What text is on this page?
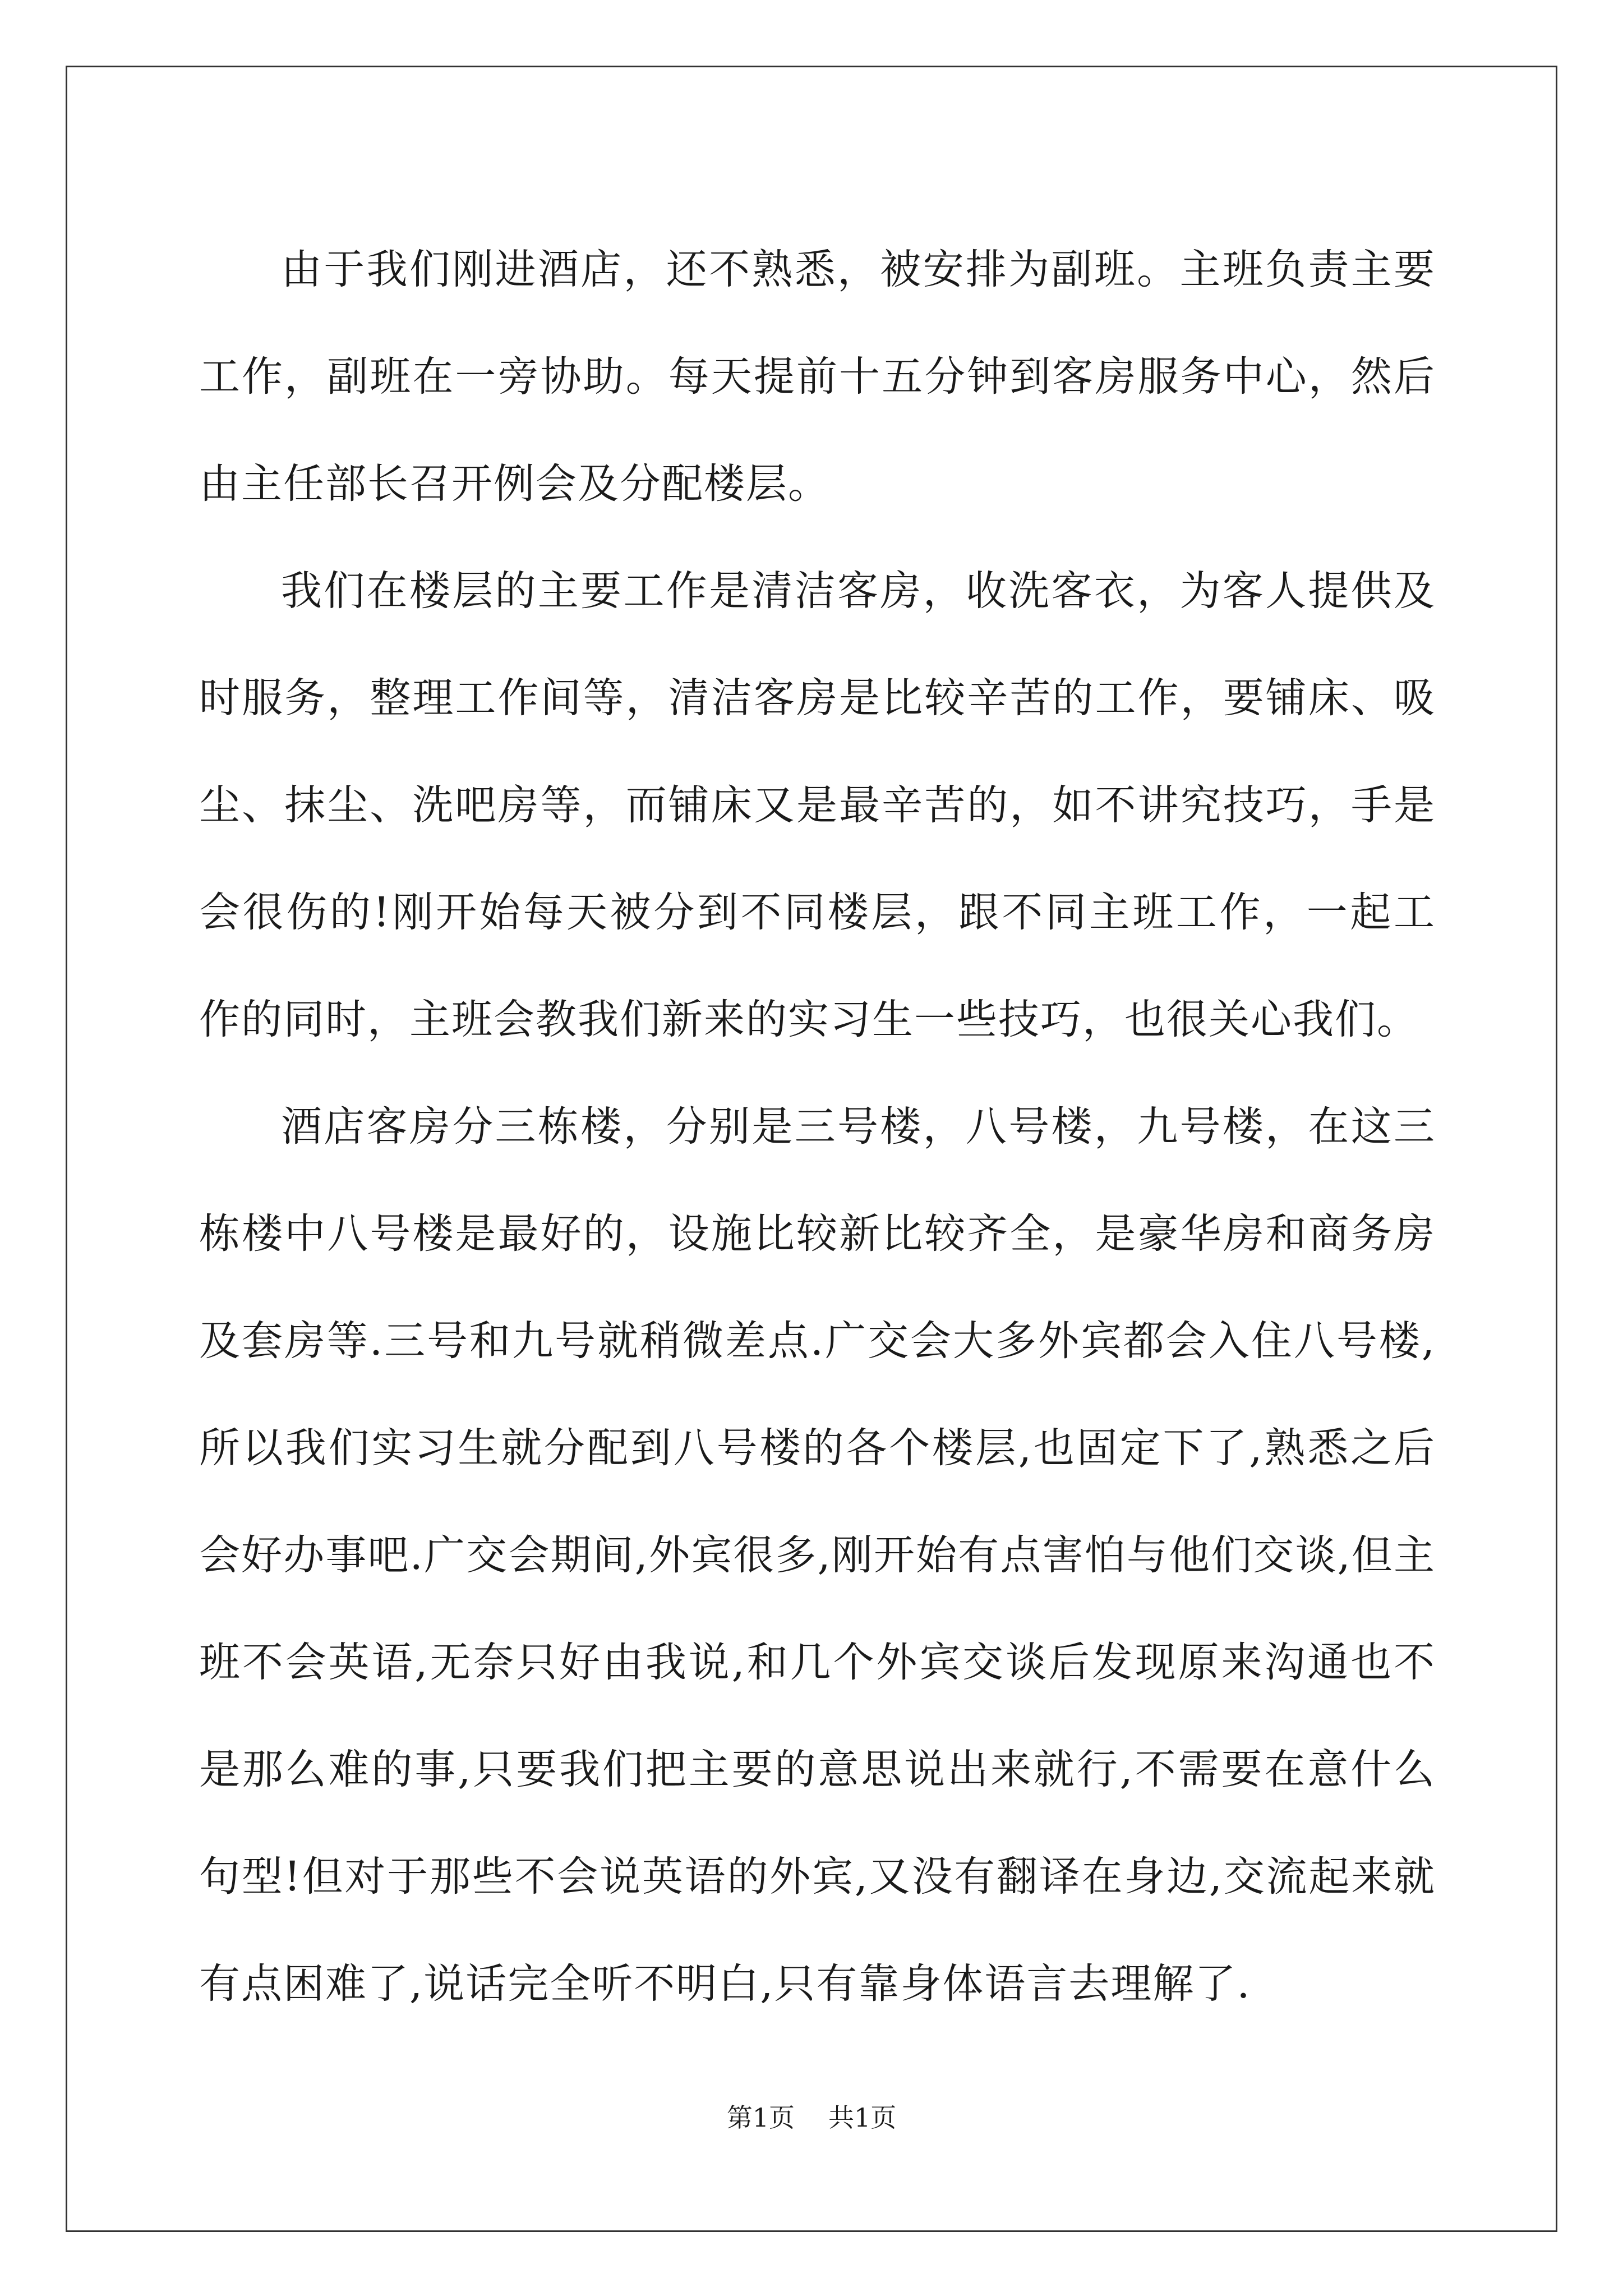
由于我们刚进酒店，还不熟悉，被安排为副班。主班负责主要工作，副班在一旁协助。每天提前十五分钟到客房服务中心，然后由主任部长召开例会及分配楼层。

我们在楼层的主要工作是清洁客房，收洗客衣，为客人提供及时服务，整理工作间等，清洁客房是比较辛苦的工作，要铺床、吸尘、抹尘、洗吧房等，而铺床又是最辛苦的，如不讲究技巧，手是会很伤的!刚开始每天被分到不同楼层，跟不同主班工作，一起工作的同时，主班会教我们新来的实习生一些技巧，也很关心我们。

酒店客房分三栋楼，分别是三号楼，八号楼，九号楼，在这三栋楼中八号楼是最好的，设施比较新比较齐全，是豪华房和商务房及套房等.三号和九号就稍微差点.广交会大多外宾都会入住八号楼,所以我们实习生就分配到八号楼的各个楼层,也固定下了,熟悉之后会好办事吧.广交会期间,外宾很多,刚开始有点害怕与他们交谈,但主班不会英语,无奈只好由我说,和几个外宾交谈后发现原来沟通也不是那么难的事,只要我们把主要的意思说出来就行,不需要在意什么句型!但对于那些不会说英语的外宾,又没有翻译在身边,交流起来就有点困难了,说话完全听不明白,只有靠身体语言去理解了.

第1页 共1页
